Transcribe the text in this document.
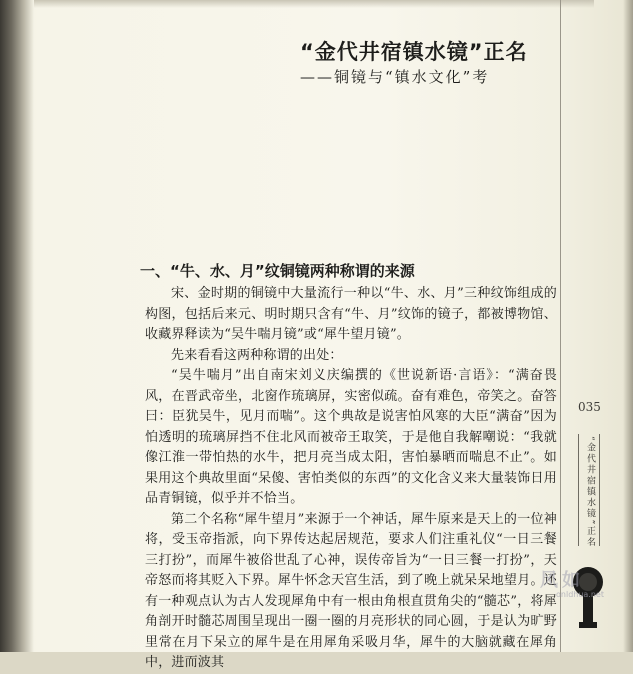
“金代井宿镇水镜”正名
——铜镜与“镇水文化”考
一、“牛、水、月”纹铜镜两种称谓的来源

宋、金时期的铜镜中大量流行一种以“牛、水、月”三种纹饰组成的构图，包括后来元、明时期只含有“牛、月”纹饰的镜子，都被博物馆、收藏界释读为“吴牛喘月镜”或“犀牛望月镜”。

先来看看这两种称谓的出处：

“吴牛喘月”出自南宋刘义庆编撰的《世说新语·言语》：“满奋畏风，在晋武帝坐，北窗作琉璃屏，实密似疏。奋有难色，帝笑之。奋答曰：臣犹吴牛，见月而喘”。这个典故是说害怕风寒的大臣“满奋”因为怕透明的琉璃屏挡不住北风而被帝王取笑，于是他自我解嘲说：“我就像江淮一带怕热的水牛，把月亮当成太阳，害怕暴晒而喘息不止”。如果用这个典故里面“呆傻、害怕类似的东西”的文化含义来大量装饰日用品青铜镜，似乎并不恰当。

第二个名称“犀牛望月”来源于一个神话，犀牛原来是天上的一位神将，受玉帝指派，向下界传达起居规范，要求人们注重礼仪“一日三餐三打扮”，而犀牛被俗世乱了心神，误传帝旨为“一日三餐一打扮”，天帝怒而将其贬入下界。犀牛怀念天宫生活，到了晚上就呆呆地望月。还有一种观点认为古人发现犀角中有一根由角根直贯角尖的“髓芯”，将犀角剖开时髓芯周围呈现出一圈一圈的月亮形状的同心圆，于是认为旷野里常在月下呆立的犀牛是在用犀角采吸月华，犀牛的大脑就藏在犀角中，进而波其

035
“金代井宿镇水镜”正名
风如
onldhua.net
